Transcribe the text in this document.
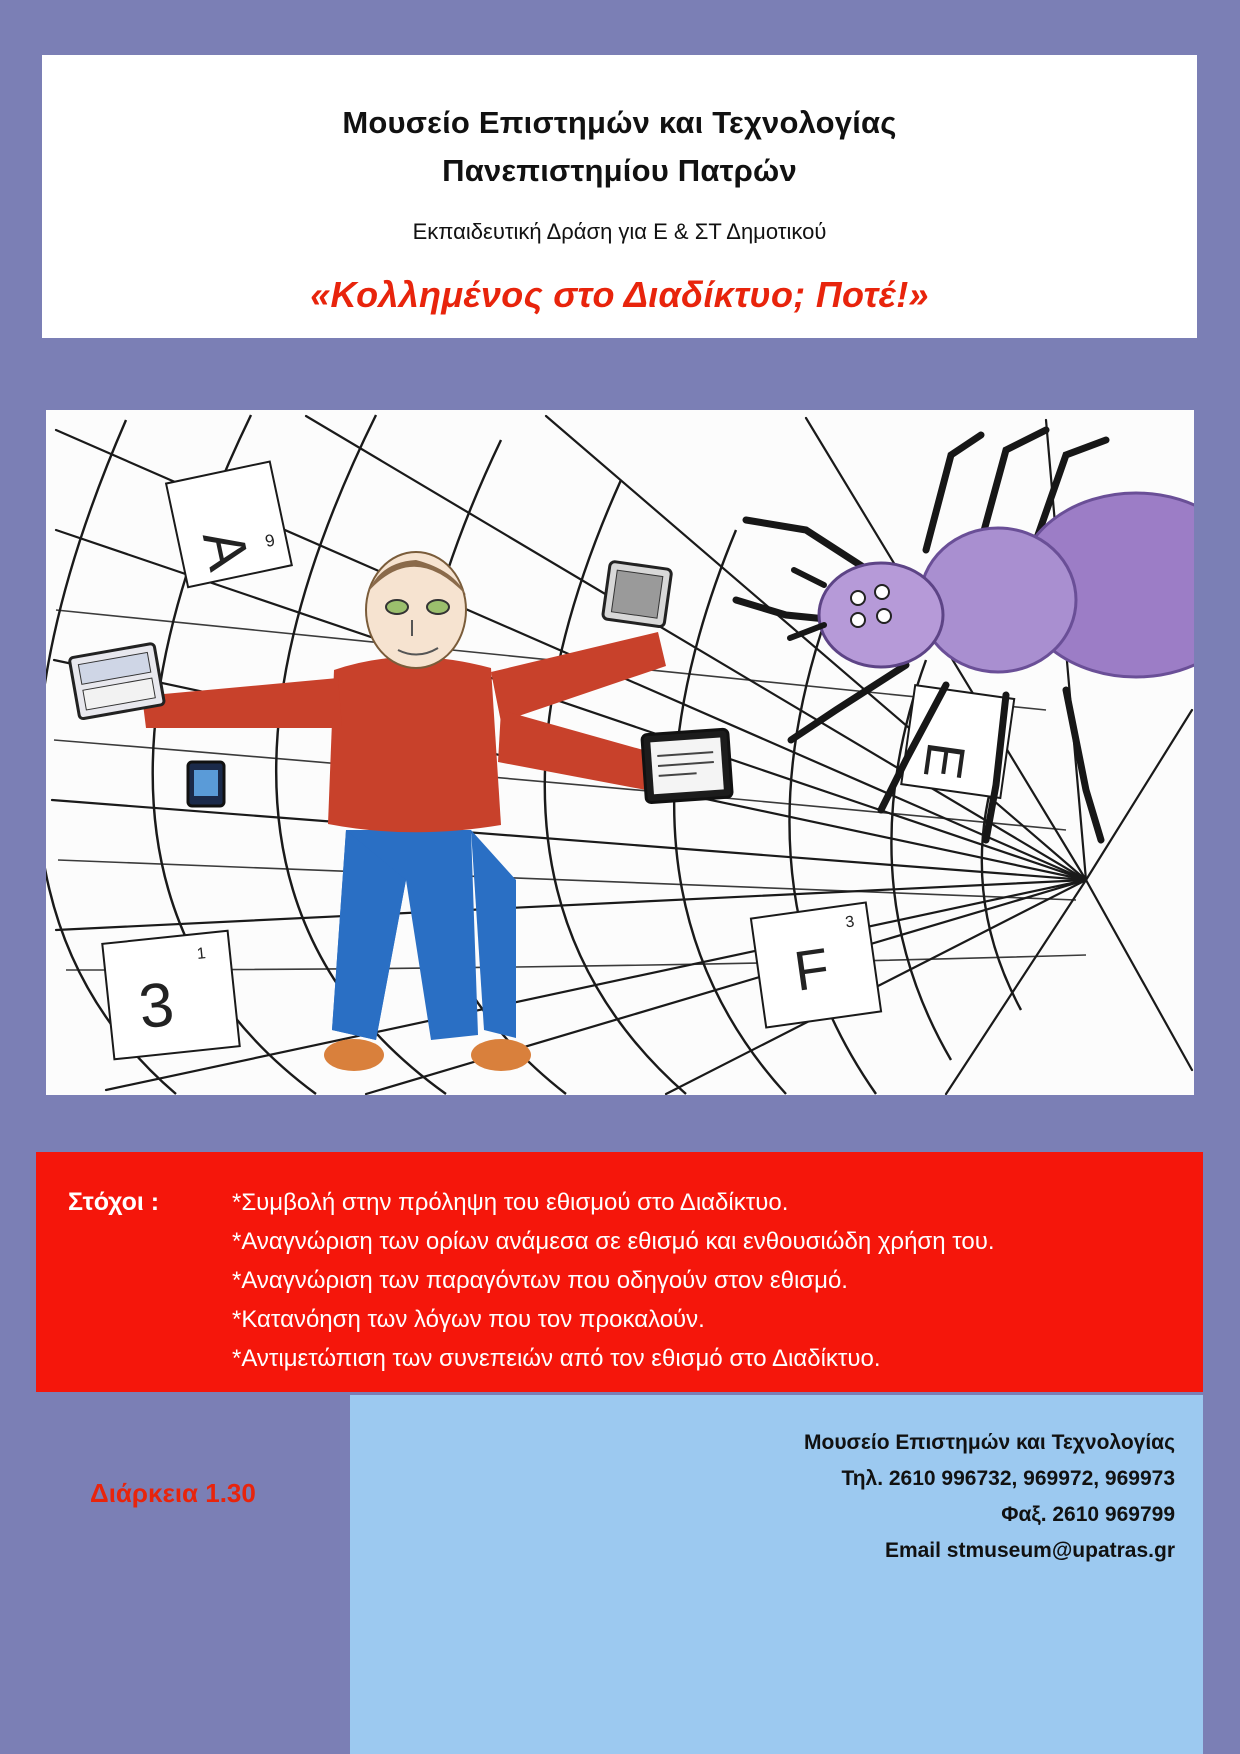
Μουσείο Επιστημών και Τεχνολογίας
Πανεπιστημίου Πατρών
Εκπαιδευτική Δράση για Ε & ΣΤ Δημοτικού
«Κολλημένος στο Διαδίκτυο; Ποτέ!»
A 9
E
F
3
3
1
Στόχοι :	*Συμβολή στην πρόληψη του εθισμού στο Διαδίκτυο.
*Αναγνώριση των ορίων ανάμεσα σε εθισμό και ενθουσιώδη χρήση του.
*Αναγνώριση των παραγόντων που οδηγούν στον εθισμό.
*Κατανόηση των λόγων που τον προκαλούν.
*Αντιμετώπιση των συνεπειών από τον εθισμό στο Διαδίκτυο.
Μουσείο Επιστημών και Τεχνολογίας
Τηλ. 2610 996732, 969972, 969973
Φαξ. 2610 969799
Email stmuseum@upatras.gr
Διάρκεια 1.30
